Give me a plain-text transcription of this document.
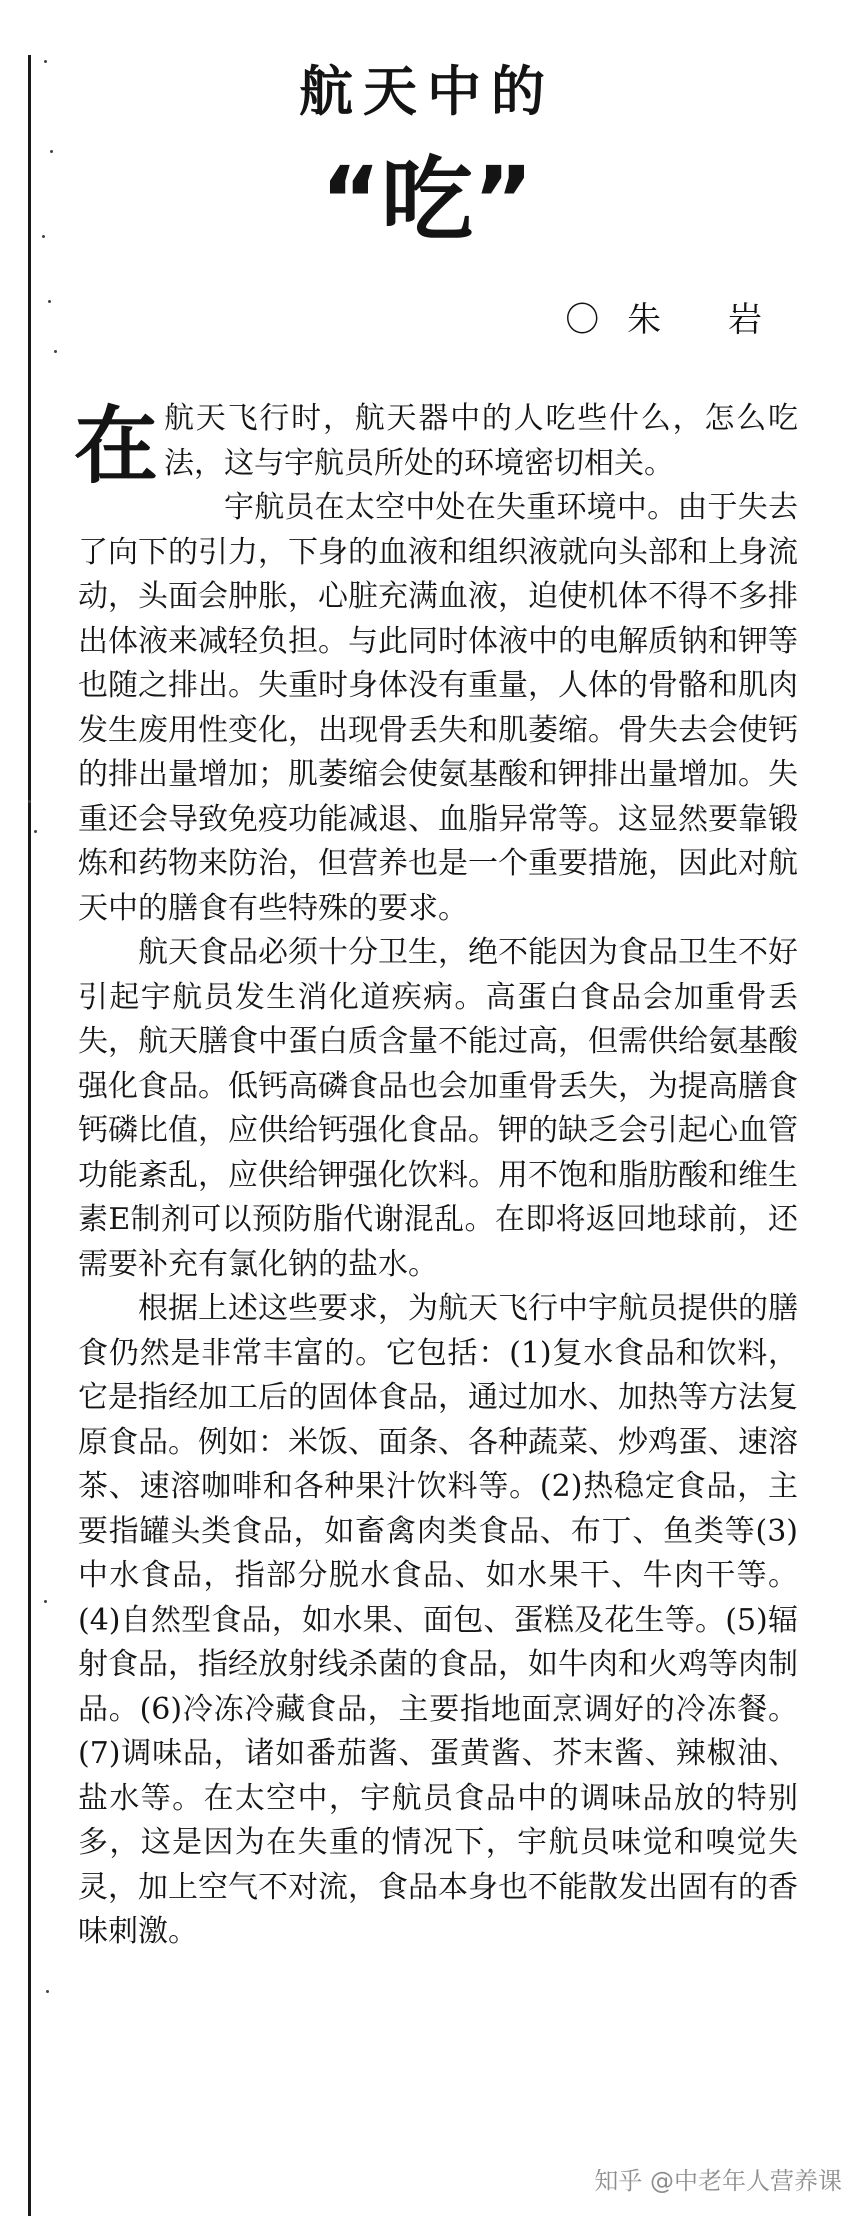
航天中的
“吃”
〇朱 岩
在 航天飞行时，航天器中的人吃些什么，怎么吃法，这与宇航员所处的环境密切相关。

宇航员在太空中处在失重环境中。由于失去了向下的引力，下身的血液和组织液就向头部和上身流动，头面会肿胀，心脏充满血液，迫使机体不得不多排出体液来减轻负担。与此同时体液中的电解质钠和钾等也随之排出。失重时身体没有重量，人体的骨骼和肌肉发生废用性变化，出现骨丢失和肌萎缩。骨失去会使钙的排出量增加；肌萎缩会使氨基酸和钾排出量增加。失重还会导致免疫功能减退、血脂异常等。这显然要靠锻炼和药物来防治，但营养也是一个重要措施，因此对航天中的膳食有些特殊的要求。

航天食品必须十分卫生，绝不能因为食品卫生不好引起宇航员发生消化道疾病。高蛋白食品会加重骨丢失，航天膳食中蛋白质含量不能过高，但需供给氨基酸强化食品。低钙高磷食品也会加重骨丢失，为提高膳食钙磷比值，应供给钙强化食品。钾的缺乏会引起心血管功能紊乱，应供给钾强化饮料。用不饱和脂肪酸和维生素E制剂可以预防脂代谢混乱。在即将返回地球前，还需要补充有氯化钠的盐水。

根据上述这些要求，为航天飞行中宇航员提供的膳食仍然是非常丰富的。它包括：(1)复水食品和饮料，它是指经加工后的固体食品，通过加水、加热等方法复原食品。例如：米饭、面条、各种蔬菜、炒鸡蛋、速溶茶、速溶咖啡和各种果汁饮料等。(2)热稳定食品，主要指罐头类食品，如畜禽肉类食品、布丁、鱼类等(3)中水食品，指部分脱水食品、如水果干、牛肉干等。(4)自然型食品，如水果、面包、蛋糕及花生等。(5)辐射食品，指经放射线杀菌的食品，如牛肉和火鸡等肉制品。(6)冷冻冷藏食品，主要指地面烹调好的冷冻餐。(7)调味品，诸如番茄酱、蛋黄酱、芥末酱、辣椒油、盐水等。在太空中，宇航员食品中的调味品放的特别多，这是因为在失重的情况下，宇航员味觉和嗅觉失灵，加上空气不对流，食品本身也不能散发出固有的香味刺激。

知乎 @中老年人营养课
